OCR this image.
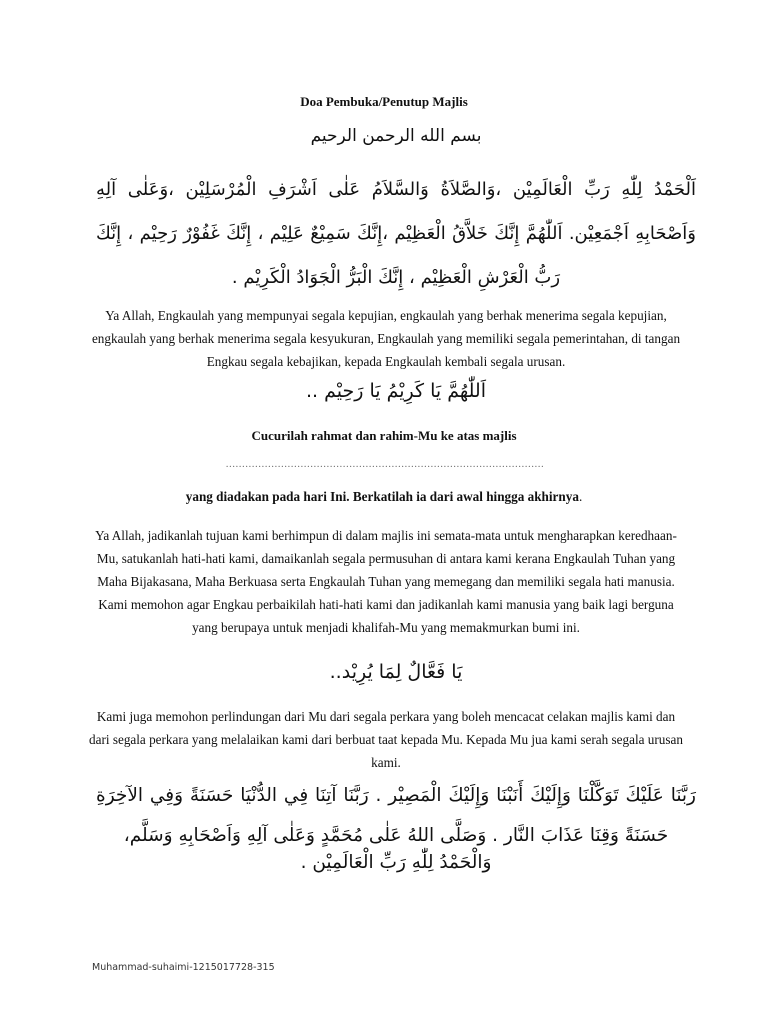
Doa Pembuka/Penutup Majlis
بسم الله الرحمن الرحيم
اَلْحَمْدُ لِلّٰهِ رَبِّ الْعَالَمِيْن ،وَالصَّلاَةُ وَالسَّلاَمُ عَلٰى اَشْرَفِ الْمُرْسَلِيْن ،وَعَلٰى آلِهِ وَاَصْحَابِهِ اَجْمَعِيْن. اَللّٰهُمَّ إِنَّكَ خَلاَّقُ الْعَظِيْم ،إِنَّكَ سَمِيْعٌ عَلِيْم ، إِنَّكَ غَفُوْرٌ رَحِيْم ، إِنَّكَ رَبُّ الْعَرْشِ الْعَظِيْم ، إِنَّكَ الْبَرُّ الْجَوَادُ الْكَرِيْم .
Ya Allah, Engkaulah yang mempunyai segala kepujian, engkaulah yang berhak menerima segala kepujian, engkaulah yang berhak menerima segala kesyukuran, Engkaulah yang memiliki segala pemerintahan, di tangan Engkau segala kebajikan, kepada Engkaulah kembali segala urusan.
اَللّٰهُمَّ يَا كَرِيْمُ يَا رَحِيْم ..
Cucurilah rahmat dan rahim-Mu ke atas majlis
..................................................................................................
yang diadakan pada hari Ini. Berkatilah ia dari awal hingga akhirnya.
Ya Allah, jadikanlah tujuan kami berhimpun di dalam majlis ini semata-mata untuk mengharapkan keredhaan-Mu, satukanlah hati-hati kami, damaikanlah segala permusuhan di antara kami kerana Engkaulah Tuhan yang Maha Bijakasana, Maha Berkuasa serta Engkaulah Tuhan yang memegang dan memiliki segala hati manusia. Kami memohon agar Engkau perbaikilah hati-hati kami dan jadikanlah kami manusia yang baik lagi berguna yang berupaya untuk menjadi khalifah-Mu yang memakmurkan bumi ini.
يَا فَعَّالٌ لِمَا يُرِيْد..
Kami juga memohon perlindungan dari Mu dari segala perkara yang boleh mencacat celakan majlis kami dan dari segala perkara yang melalaikan kami dari berbuat taat kepada Mu. Kepada Mu jua kami serah segala urusan kami.
رَبَّنَا عَلَيْكَ تَوَكَّلْنَا وَإِلَيْكَ أَنَبْنَا وَإِلَيْكَ الْمَصِيْر . رَبَّنَا آتِنَا فِي الدُّنْيَا حَسَنَةً وَفِي الآخِرَةِ حَسَنَةً وَقِنَا عَذَابَ النَّار . وَصَلَّى اللهُ عَلٰى مُحَمَّدٍ وَعَلٰى آلِهِ وَاَصْحَابِهِ وَسَلَّم،
وَالْحَمْدُ لِلّٰهِ رَبِّ الْعَالَمِيْن .
Muhammad-suhaimi-1215017728-315
